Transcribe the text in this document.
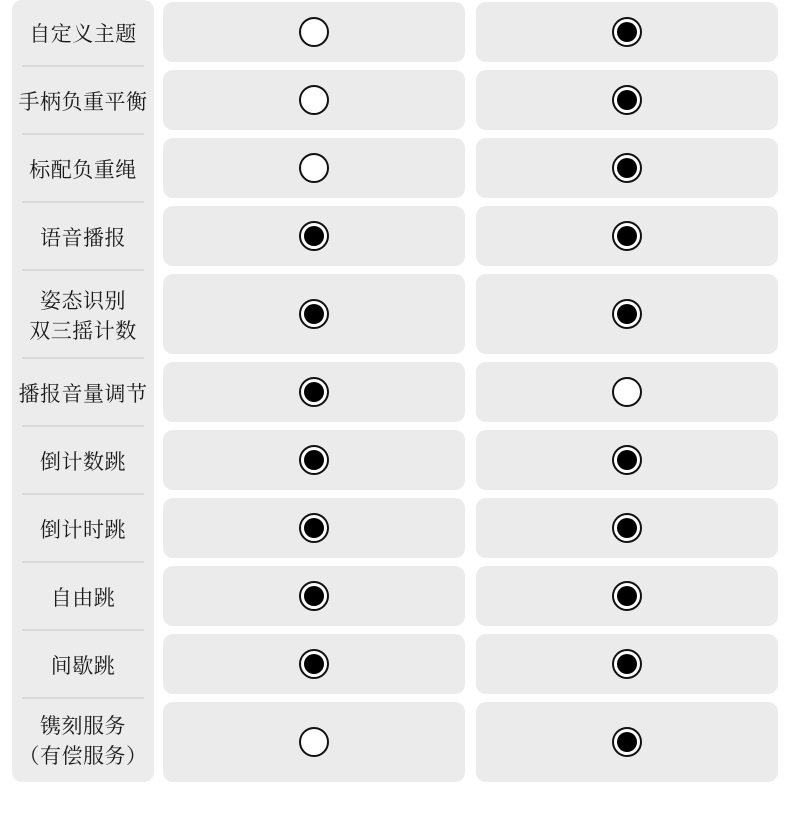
自定义主题
手柄负重平衡
标配负重绳
语音播报
姿态识别
双三摇计数
播报音量调节
倒计数跳
倒计时跳
自由跳
间歇跳
镌刻服务
（有偿服务）
